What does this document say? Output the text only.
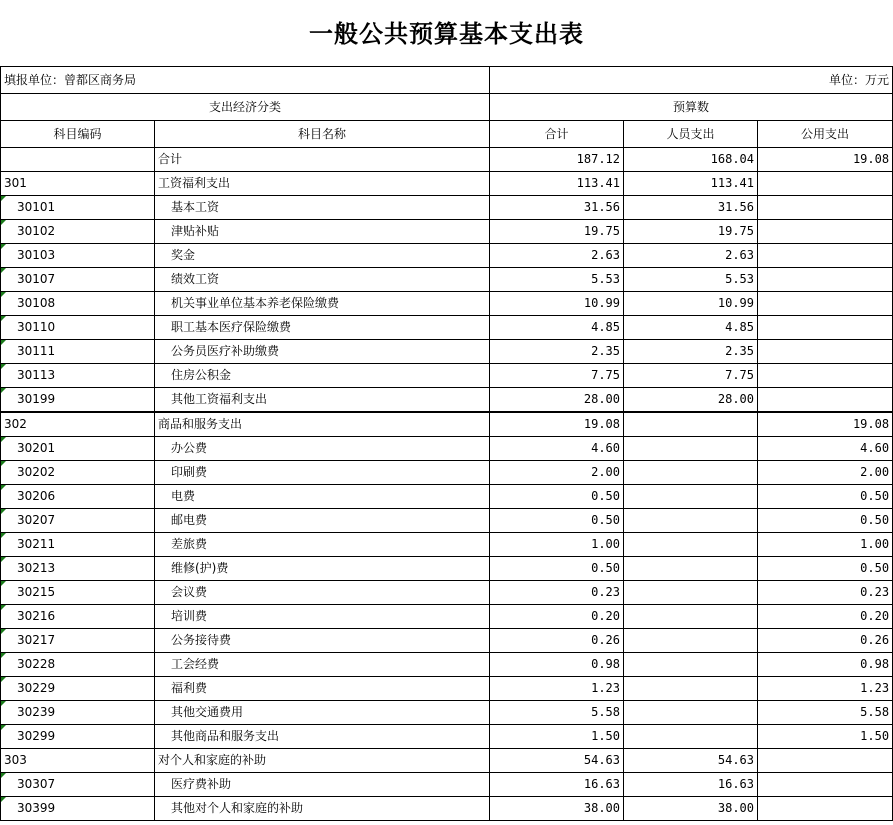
一般公共预算基本支出表				
填报单位：曾都区商务局		单位：万元		
支出经济分类		预算数		
科目编码	科目名称	合计	人员支出	公用支出
	合计	187.12	168.04	19.08
301	工资福利支出	113.41	113.41	
30101	基本工资	31.56	31.56	
30102	津贴补贴	19.75	19.75	
30103	奖金	2.63	2.63	
30107	绩效工资	5.53	5.53	
30108	机关事业单位基本养老保险缴费	10.99	10.99	
30110	职工基本医疗保险缴费	4.85	4.85	
30111	公务员医疗补助缴费	2.35	2.35	
30113	住房公积金	7.75	7.75	
30199	其他工资福利支出	28.00	28.00	
302	商品和服务支出	19.08		19.08
30201	办公费	4.60		4.60
30202	印刷费	2.00		2.00
30206	电费	0.50		0.50
30207	邮电费	0.50		0.50
30211	差旅费	1.00		1.00
30213	维修(护)费	0.50		0.50
30215	会议费	0.23		0.23
30216	培训费	0.20		0.20
30217	公务接待费	0.26		0.26
30228	工会经费	0.98		0.98
30229	福利费	1.23		1.23
30239	其他交通费用	5.58		5.58
30299	其他商品和服务支出	1.50		1.50
303	对个人和家庭的补助	54.63	54.63	
30307	医疗费补助	16.63	16.63	
30399	其他对个人和家庭的补助	38.00	38.00	
